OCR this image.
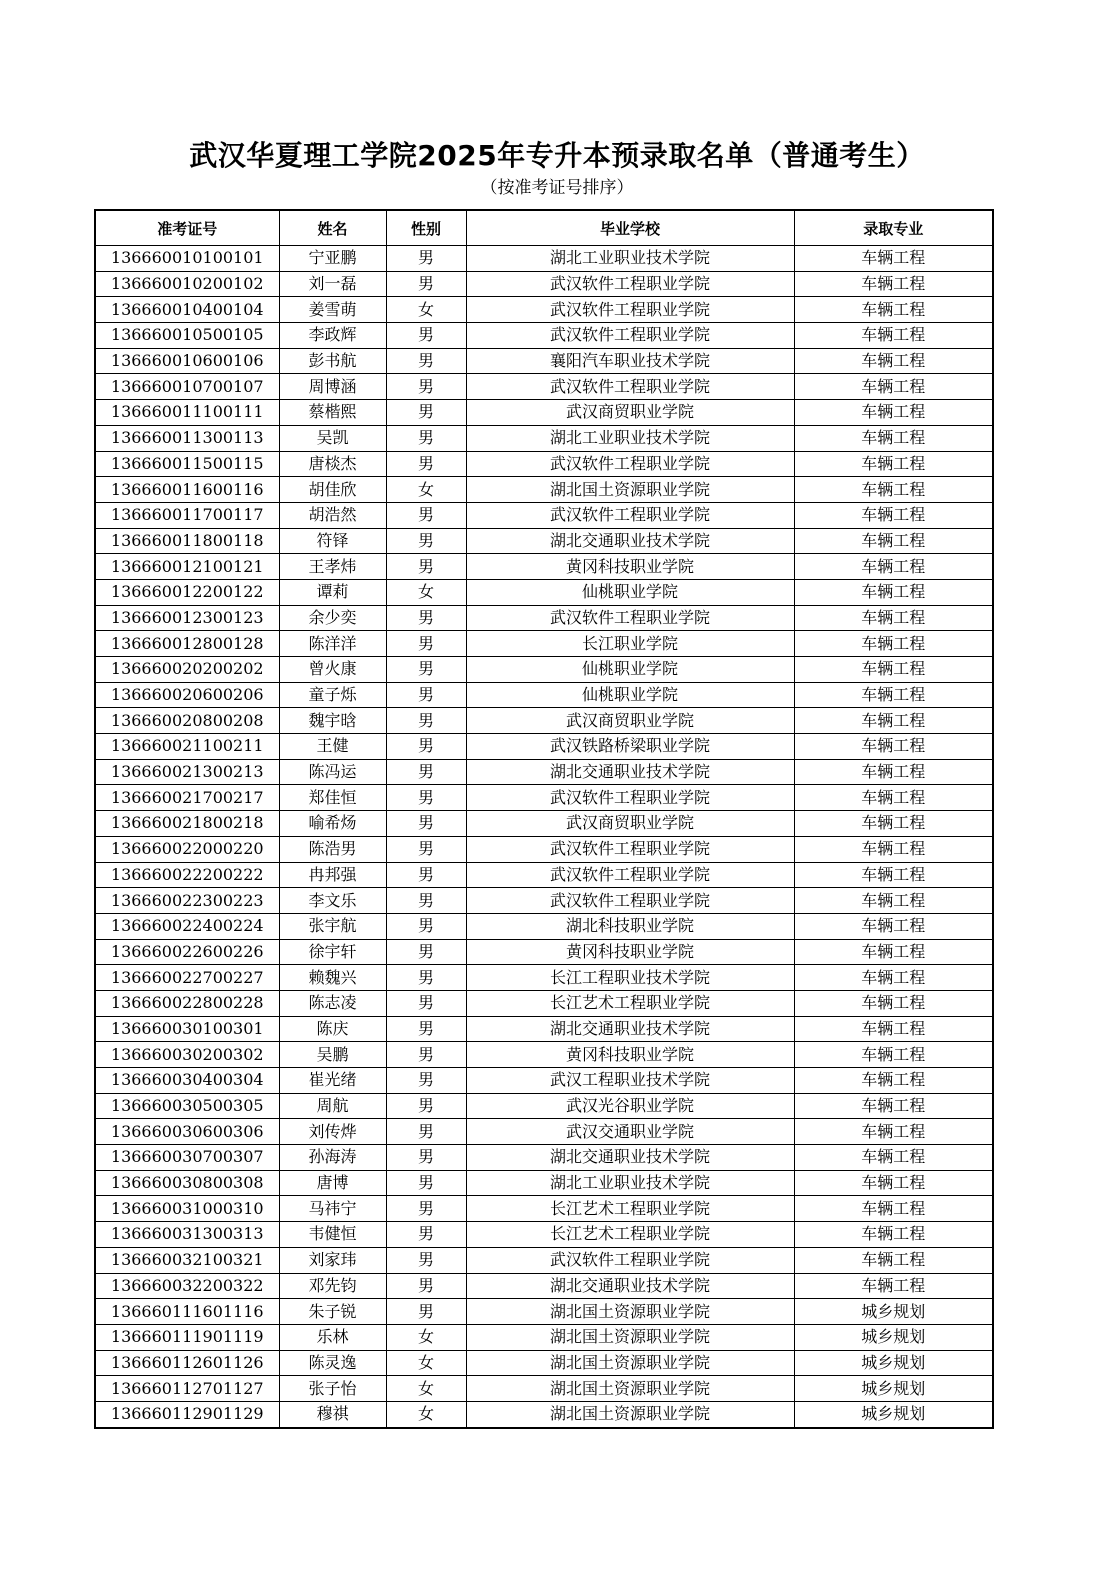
武汉华夏理工学院2025年专升本预录取名单（普通考生）
（按准考证号排序）
准考证号	姓名	性别	毕业学校	录取专业
136660010100101	宁亚鹏	男	湖北工业职业技术学院	车辆工程
136660010200102	刘一磊	男	武汉软件工程职业学院	车辆工程
136660010400104	姜雪萌	女	武汉软件工程职业学院	车辆工程
136660010500105	李政辉	男	武汉软件工程职业学院	车辆工程
136660010600106	彭书航	男	襄阳汽车职业技术学院	车辆工程
136660010700107	周博涵	男	武汉软件工程职业学院	车辆工程
136660011100111	蔡楷熙	男	武汉商贸职业学院	车辆工程
136660011300113	吴凯	男	湖北工业职业技术学院	车辆工程
136660011500115	唐棪杰	男	武汉软件工程职业学院	车辆工程
136660011600116	胡佳欣	女	湖北国土资源职业学院	车辆工程
136660011700117	胡浩然	男	武汉软件工程职业学院	车辆工程
136660011800118	符铎	男	湖北交通职业技术学院	车辆工程
136660012100121	王孝炜	男	黄冈科技职业学院	车辆工程
136660012200122	谭莉	女	仙桃职业学院	车辆工程
136660012300123	余少奕	男	武汉软件工程职业学院	车辆工程
136660012800128	陈洋洋	男	长江职业学院	车辆工程
136660020200202	曾火康	男	仙桃职业学院	车辆工程
136660020600206	童子烁	男	仙桃职业学院	车辆工程
136660020800208	魏宇晗	男	武汉商贸职业学院	车辆工程
136660021100211	王健	男	武汉铁路桥梁职业学院	车辆工程
136660021300213	陈冯运	男	湖北交通职业技术学院	车辆工程
136660021700217	郑佳恒	男	武汉软件工程职业学院	车辆工程
136660021800218	喻希炀	男	武汉商贸职业学院	车辆工程
136660022000220	陈浩男	男	武汉软件工程职业学院	车辆工程
136660022200222	冉邦强	男	武汉软件工程职业学院	车辆工程
136660022300223	李文乐	男	武汉软件工程职业学院	车辆工程
136660022400224	张宇航	男	湖北科技职业学院	车辆工程
136660022600226	徐宇轩	男	黄冈科技职业学院	车辆工程
136660022700227	赖魏兴	男	长江工程职业技术学院	车辆工程
136660022800228	陈志凌	男	长江艺术工程职业学院	车辆工程
136660030100301	陈庆	男	湖北交通职业技术学院	车辆工程
136660030200302	吴鹏	男	黄冈科技职业学院	车辆工程
136660030400304	崔光绪	男	武汉工程职业技术学院	车辆工程
136660030500305	周航	男	武汉光谷职业学院	车辆工程
136660030600306	刘传烨	男	武汉交通职业学院	车辆工程
136660030700307	孙海涛	男	湖北交通职业技术学院	车辆工程
136660030800308	唐博	男	湖北工业职业技术学院	车辆工程
136660031000310	马祎宁	男	长江艺术工程职业学院	车辆工程
136660031300313	韦健恒	男	长江艺术工程职业学院	车辆工程
136660032100321	刘家玮	男	武汉软件工程职业学院	车辆工程
136660032200322	邓先钧	男	湖北交通职业技术学院	车辆工程
136660111601116	朱子锐	男	湖北国土资源职业学院	城乡规划
136660111901119	乐林	女	湖北国土资源职业学院	城乡规划
136660112601126	陈灵逸	女	湖北国土资源职业学院	城乡规划
136660112701127	张子怡	女	湖北国土资源职业学院	城乡规划
136660112901129	穆祺	女	湖北国土资源职业学院	城乡规划
